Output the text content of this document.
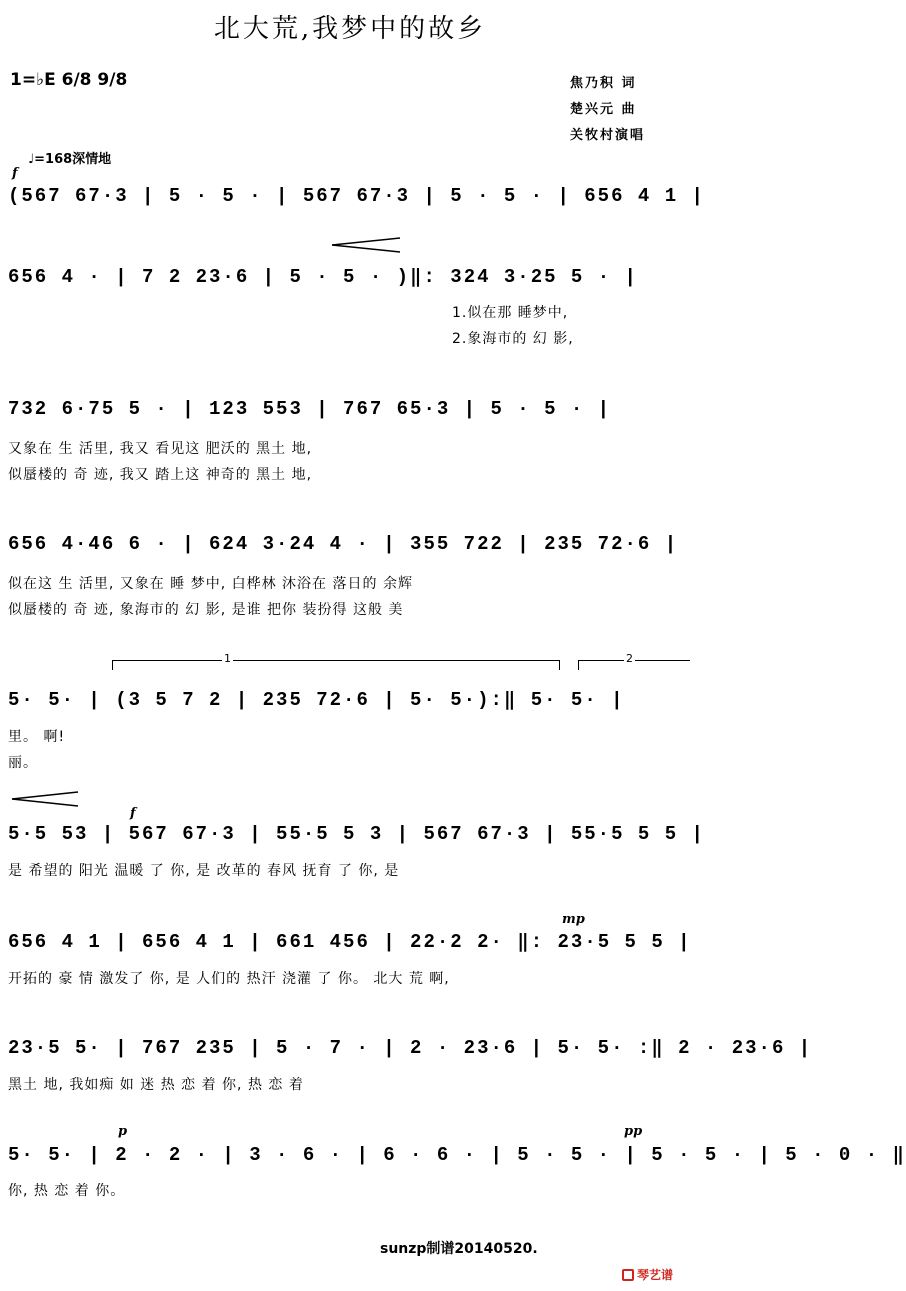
北大荒,我梦中的故乡
1=♭E 6/8 9/8	焦乃积 词
楚兴元 曲
关牧村演唱
f
♩=168深情地
(567 67·3 | 5 · 5 · | 567 67·3 | 5 · 5 · | 656 4 1 |
656 4 · | 7 2 23·6 | 5 · 5 · )‖: 324 3·25 5 · |
1.似在那 睡梦中,
2.象海市的 幻 影,
732 6·75 5 · | 123 553 | 767 65·3 | 5 · 5 · |
又象在 生 活里, 我又 看见这 肥沃的 黑土 地,
似蜃楼的 奇 迹, 我又 踏上这 神奇的 黑土 地,
656 4·46 6 · | 624 3·24 4 · | 355 722 | 235 72·6 |
似在这 生 活里, 又象在 睡 梦中, 白桦林 沐浴在 落日的 余辉
似蜃楼的 奇 迹, 象海市的 幻 影, 是谁 把你 装扮得 这般 美
1	2
5· 5· | (3 5 7 2 | 235 72·6 | 5· 5·):‖ 5· 5· |
里。 啊!
丽。
f
5·5 53 | 567 67·3 | 55·5 5 3 | 567 67·3 | 55·5 5 5 |
是 希望的 阳光 温暖 了 你, 是 改革的 春风 抚育 了 你, 是
mp
656 4 1 | 656 4 1 | 661 456 | 22·2 2· ‖: 23·5 5 5 |
开拓的 豪 情 激发了 你, 是 人们的 热汗 浇灌 了 你。 北大 荒 啊,
23·5 5· | 767 235 | 5 · 7 · | 2 · 23·6 | 5· 5· :‖ 2 · 23·6 |
黑土 地, 我如痴 如 迷 热 恋 着 你, 热 恋 着
p	pp
5· 5· | 2 · 2 · | 3 · 6 · | 6 · 6 · | 5 · 5 · | 5 · 5 · | 5 · 0 · ‖
你, 热 恋 着 你。
sunzp制谱20140520.
琴艺谱
